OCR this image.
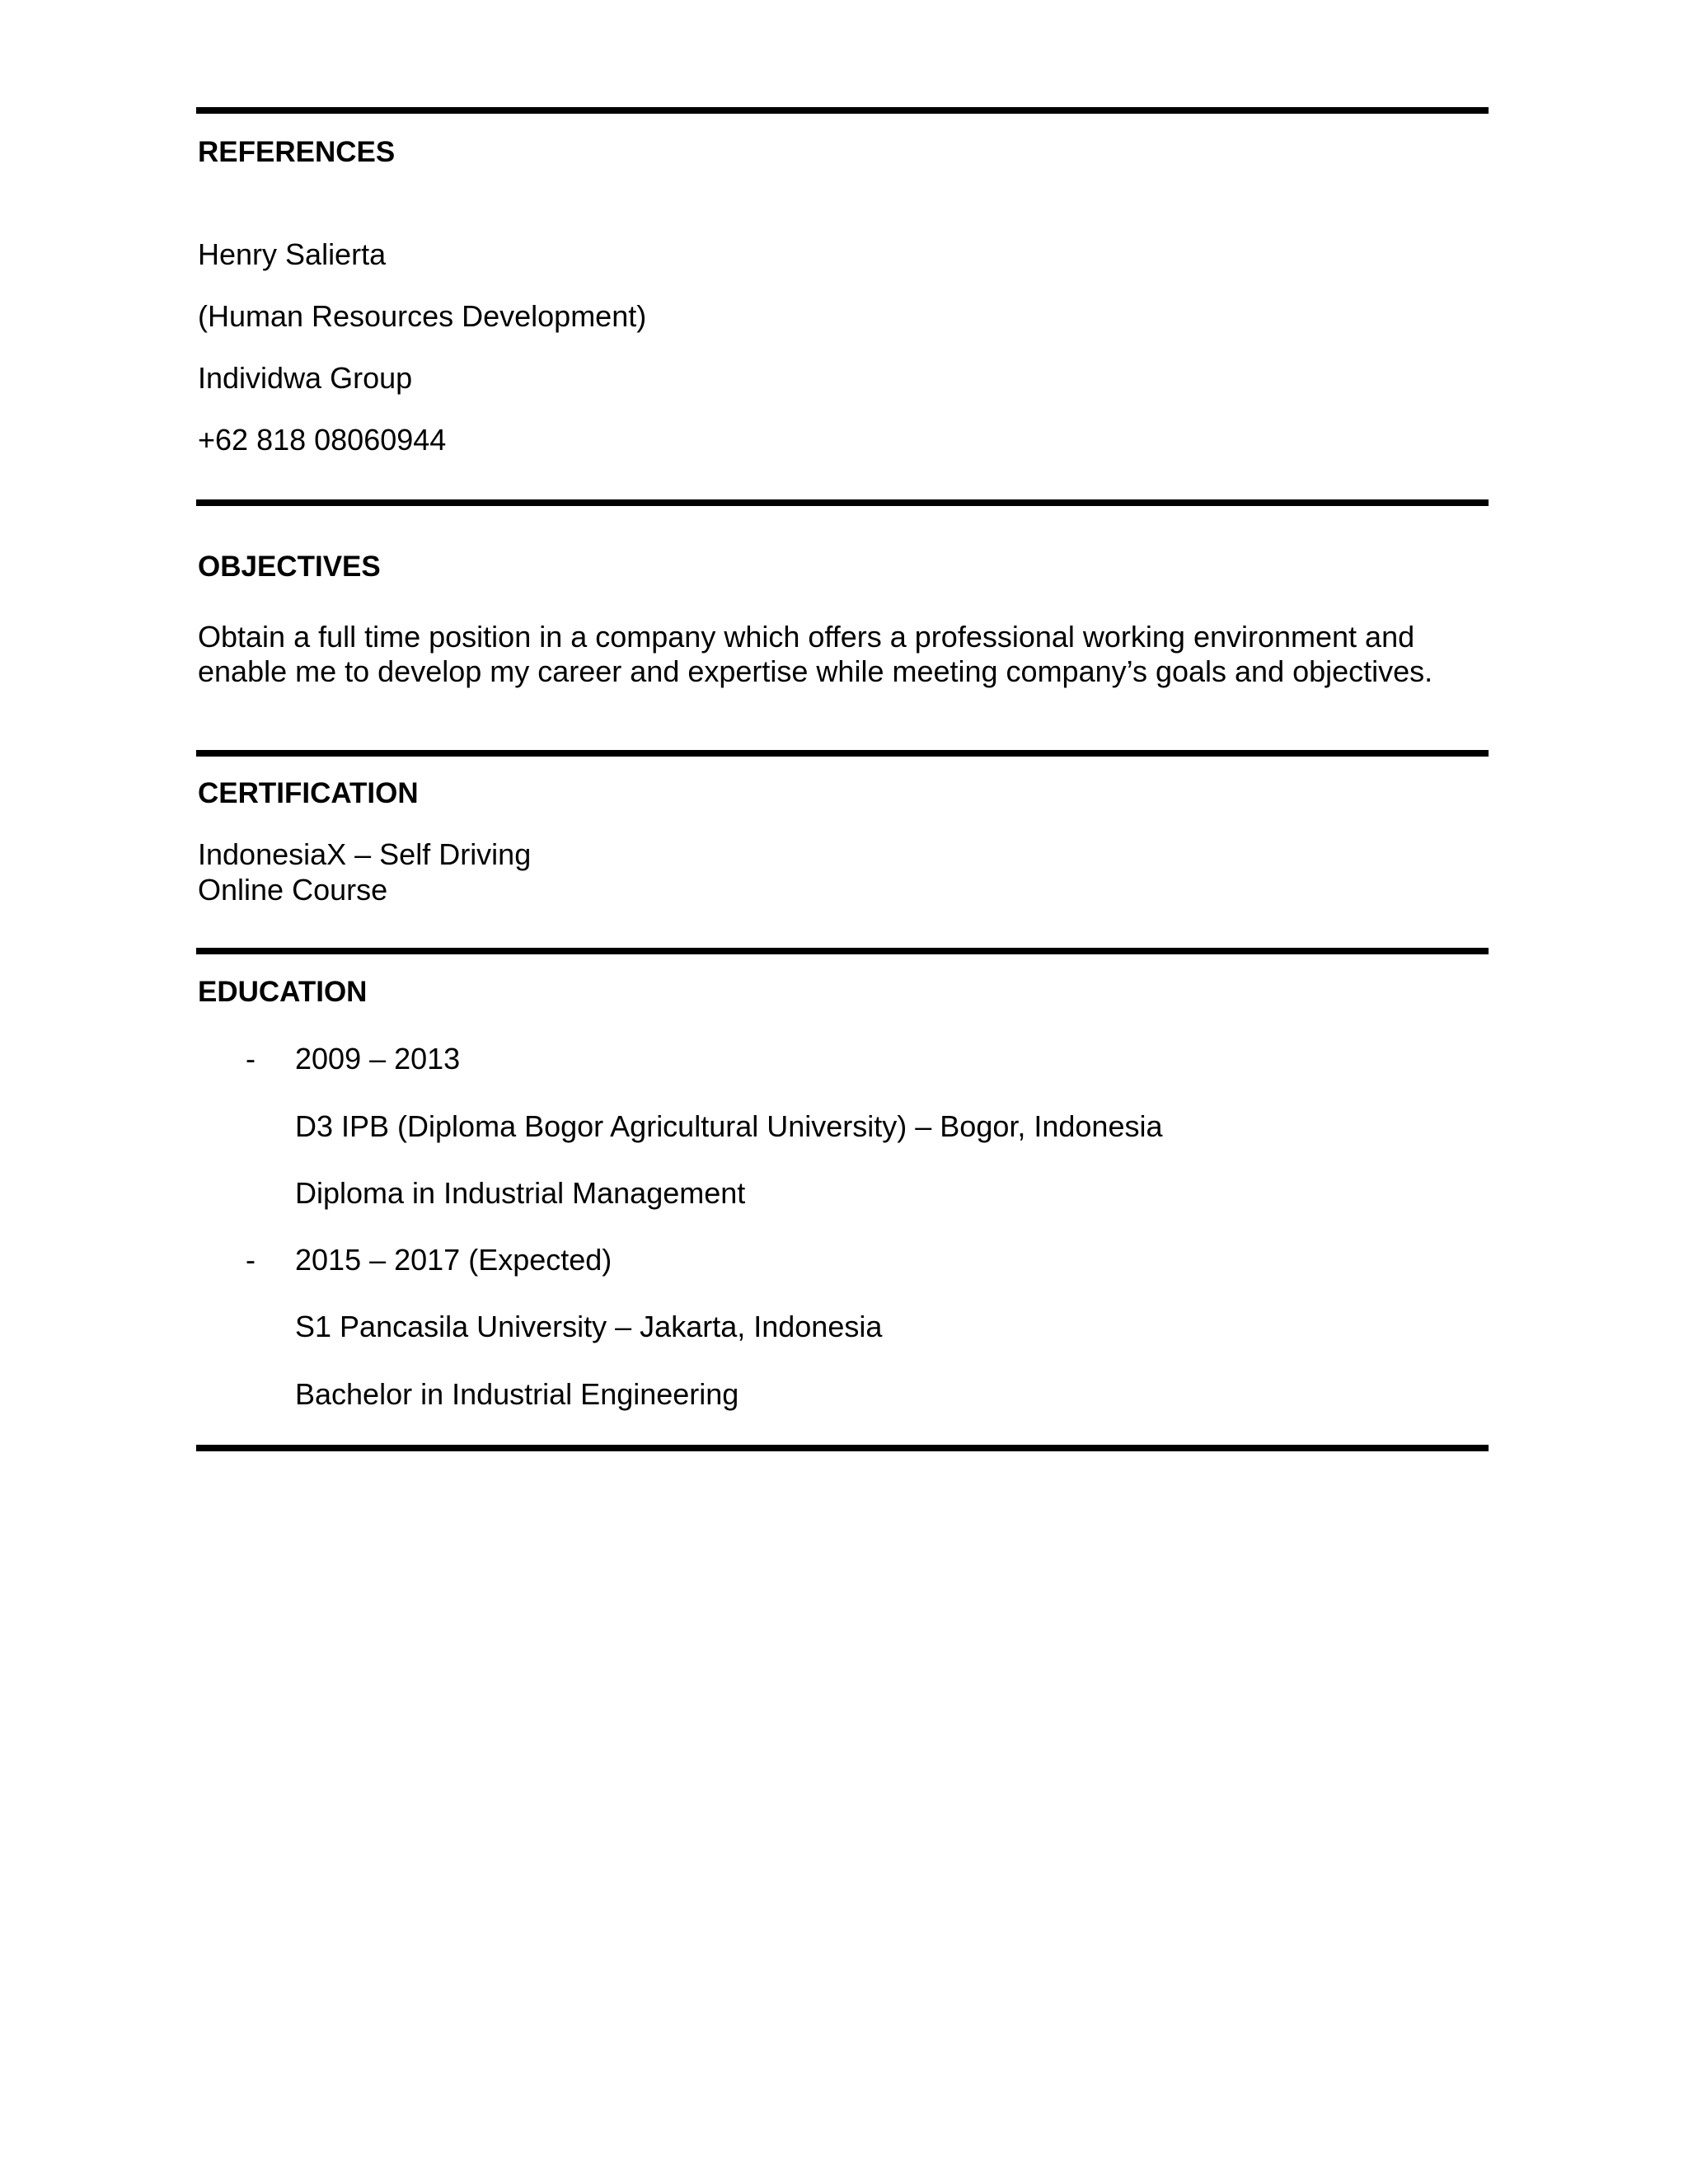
REFERENCES
Henry Salierta
(Human Resources Development)
Individwa Group
+62 818 08060944
OBJECTIVES
Obtain a full time position in a company which offers a professional working environment and
enable me to develop my career and expertise while meeting company’s goals and objectives.
CERTIFICATION
IndonesiaX – Self Driving
Online Course
EDUCATION
- 2009 – 2013
D3 IPB (Diploma Bogor Agricultural University) – Bogor, Indonesia
Diploma in Industrial Management
- 2015 – 2017 (Expected)
S1 Pancasila University – Jakarta, Indonesia
Bachelor in Industrial Engineering
